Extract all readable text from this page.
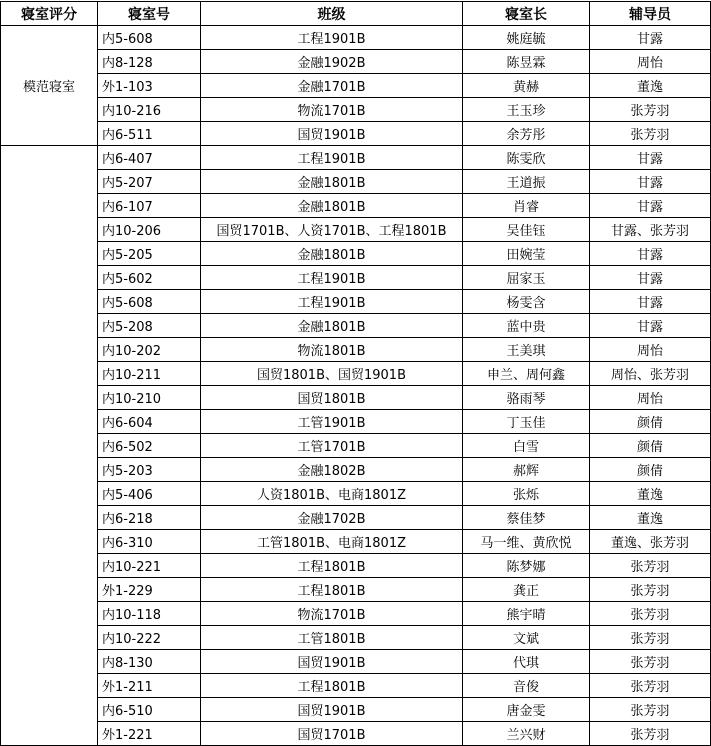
寝室评分	寝室号	班级	寝室长	辅导员
模范寝室	内5-608	工程1901B	姚庭毓	甘露
	内8-128	金融1902B	陈昱霖	周怡
	外1-103	金融1701B	黄赫	董逸
	内10-216	物流1701B	王玉珍	张芳羽
	内6-511	国贸1901B	余芳彤	张芳羽
	内6-407	工程1901B	陈雯欣	甘露
	内5-207	金融1801B	王道振	甘露
	内6-107	金融1801B	肖睿	甘露
	内10-206	国贸1701B、人资1701B、工程1801B	吴佳钰	甘露、张芳羽
	内5-205	金融1801B	田婉莹	甘露
	内5-602	工程1901B	屈家玉	甘露
	内5-608	工程1901B	杨雯含	甘露
	内5-208	金融1801B	蓝中贵	甘露
	内10-202	物流1801B	王美琪	周怡
	内10-211	国贸1801B、国贸1901B	申兰、周何鑫	周怡、张芳羽
	内10-210	国贸1801B	骆雨琴	周怡
	内6-604	工管1901B	丁玉佳	颜倩
	内6-502	工管1701B	白雪	颜倩
	内5-203	金融1802B	郝辉	颜倩
	内5-406	人资1801B、电商1801Z	张烁	董逸
	内6-218	金融1702B	蔡佳梦	董逸
	内6-310	工管1801B、电商1801Z	马一维、黄欣悦	董逸、张芳羽
	内10-221	工程1801B	陈梦娜	张芳羽
	外1-229	工程1801B	龚正	张芳羽
	内10-118	物流1701B	熊宇晴	张芳羽
	内10-222	工管1801B	文斌	张芳羽
	内8-130	国贸1901B	代琪	张芳羽
	外1-211	工程1801B	音俊	张芳羽
	内6-510	国贸1901B	唐金雯	张芳羽
	外1-221	国贸1701B	兰兴财	张芳羽
